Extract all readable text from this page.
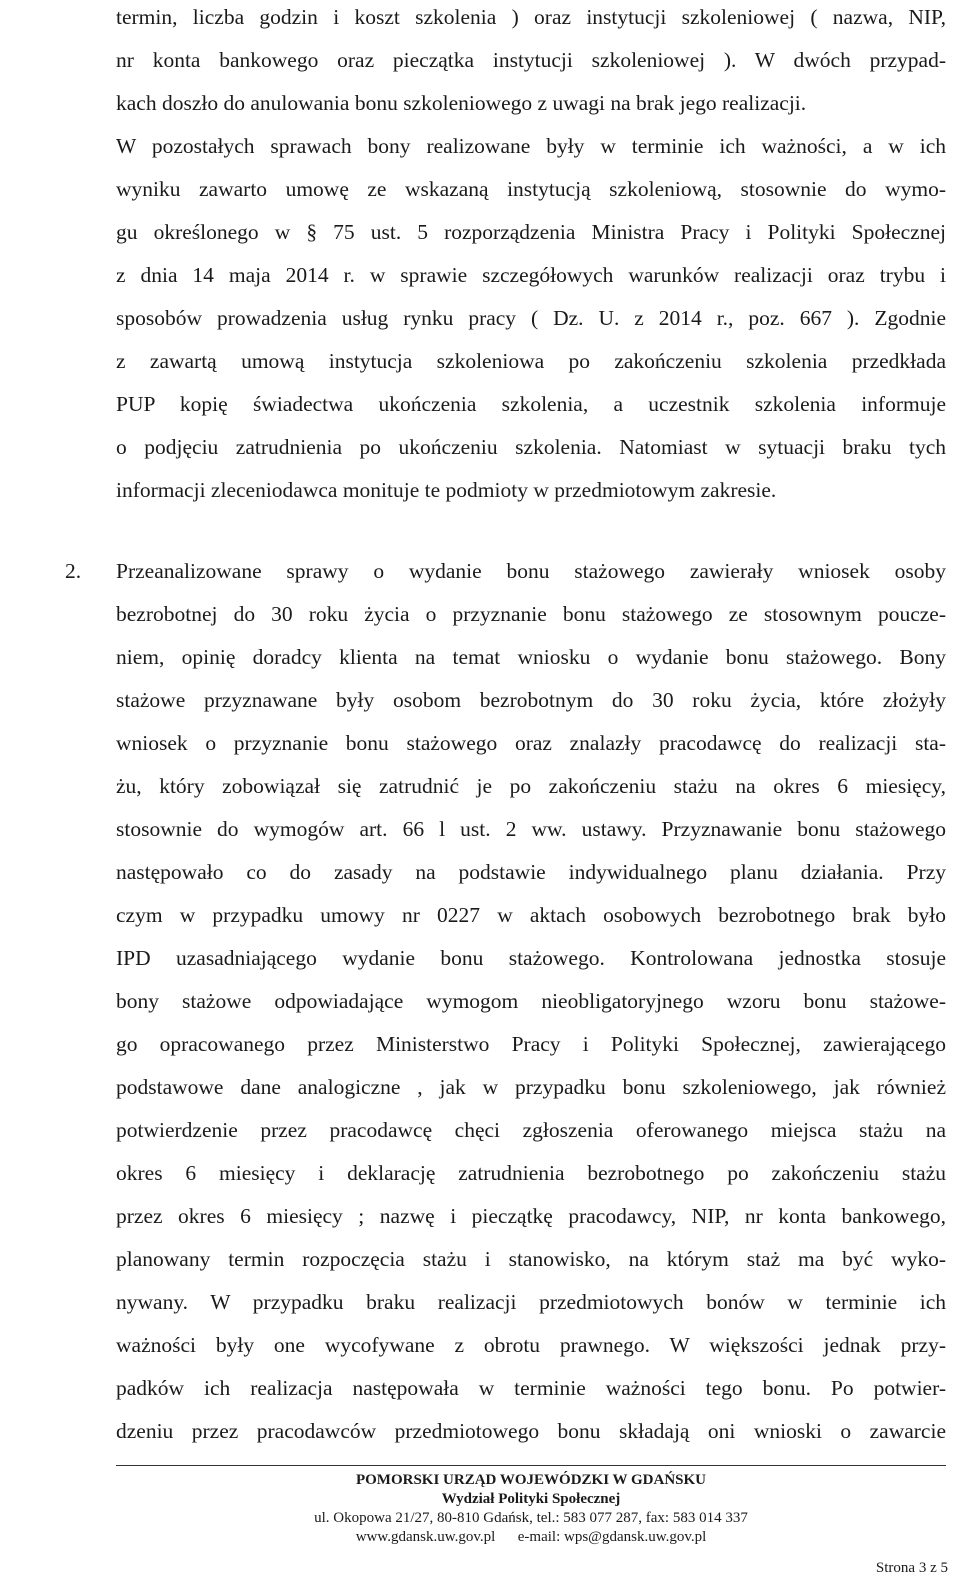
termin, liczba godzin i koszt szkolenia ) oraz instytucji szkoleniowej ( nazwa, NIP,
nr konta bankowego oraz pieczątka instytucji szkoleniowej ). W dwóch przypad-
kach doszło do anulowania bonu szkoleniowego z uwagi na brak jego realizacji.
W pozostałych sprawach bony realizowane były w terminie ich ważności, a w ich
wyniku zawarto umowę ze wskazaną instytucją szkoleniową, stosownie do wymo-
gu określonego w § 75 ust. 5 rozporządzenia Ministra Pracy i Polityki Społecznej
z dnia 14 maja 2014 r. w sprawie szczegółowych warunków realizacji oraz trybu i
sposobów prowadzenia usług rynku pracy ( Dz. U. z 2014 r., poz. 667 ). Zgodnie
z zawartą umową instytucja szkoleniowa po zakończeniu szkolenia przedkłada
PUP kopię świadectwa ukończenia szkolenia, a uczestnik szkolenia informuje
o podjęciu zatrudnienia po ukończeniu szkolenia. Natomiast w sytuacji braku tych
informacji zleceniodawca monituje te podmioty w przedmiotowym zakresie.
2. Przeanalizowane sprawy o wydanie bonu stażowego zawierały wniosek osoby
bezrobotnej do 30 roku życia o przyznanie bonu stażowego ze stosownym poucze-
niem, opinię doradcy klienta na temat wniosku o wydanie bonu stażowego. Bony
stażowe przyznawane były osobom bezrobotnym do 30 roku życia, które złożyły
wniosek o przyznanie bonu stażowego oraz znalazły pracodawcę do realizacji sta-
żu, który zobowiązał się zatrudnić je po zakończeniu stażu na okres 6 miesięcy,
stosownie do wymogów art. 66 l ust. 2 ww. ustawy. Przyznawanie bonu stażowego
następowało co do zasady na podstawie indywidualnego planu działania. Przy
czym w przypadku umowy nr 0227 w aktach osobowych bezrobotnego brak było
IPD uzasadniającego wydanie bonu stażowego. Kontrolowana jednostka stosuje
bony stażowe odpowiadające wymogom nieobligatoryjnego wzoru bonu stażowe-
go opracowanego przez Ministerstwo Pracy i Polityki Społecznej, zawierającego
podstawowe dane analogiczne , jak w przypadku bonu szkoleniowego, jak również
potwierdzenie przez pracodawcę chęci zgłoszenia oferowanego miejsca stażu na
okres 6 miesięcy i deklarację zatrudnienia bezrobotnego po zakończeniu stażu
przez okres 6 miesięcy ; nazwę i pieczątkę pracodawcy, NIP, nr konta bankowego,
planowany termin rozpoczęcia stażu i stanowisko, na którym staż ma być wyko-
nywany. W przypadku braku realizacji przedmiotowych bonów w terminie ich
ważności były one wycofywane z obrotu prawnego. W większości jednak przy-
padków ich realizacja następowała w terminie ważności tego bonu. Po potwier-
dzeniu przez pracodawców przedmiotowego bonu składają oni wnioski o zawarcie
POMORSKI URZĄD WOJEWÓDZKI W GDAŃSKU
Wydział Polityki Społecznej
ul. Okopowa 21/27, 80-810 Gdańsk, tel.: 583 077 287, fax: 583 014 337
www.gdansk.uw.gov.pl      e-mail: wps@gdansk.uw.gov.pl
Strona 3 z 5
